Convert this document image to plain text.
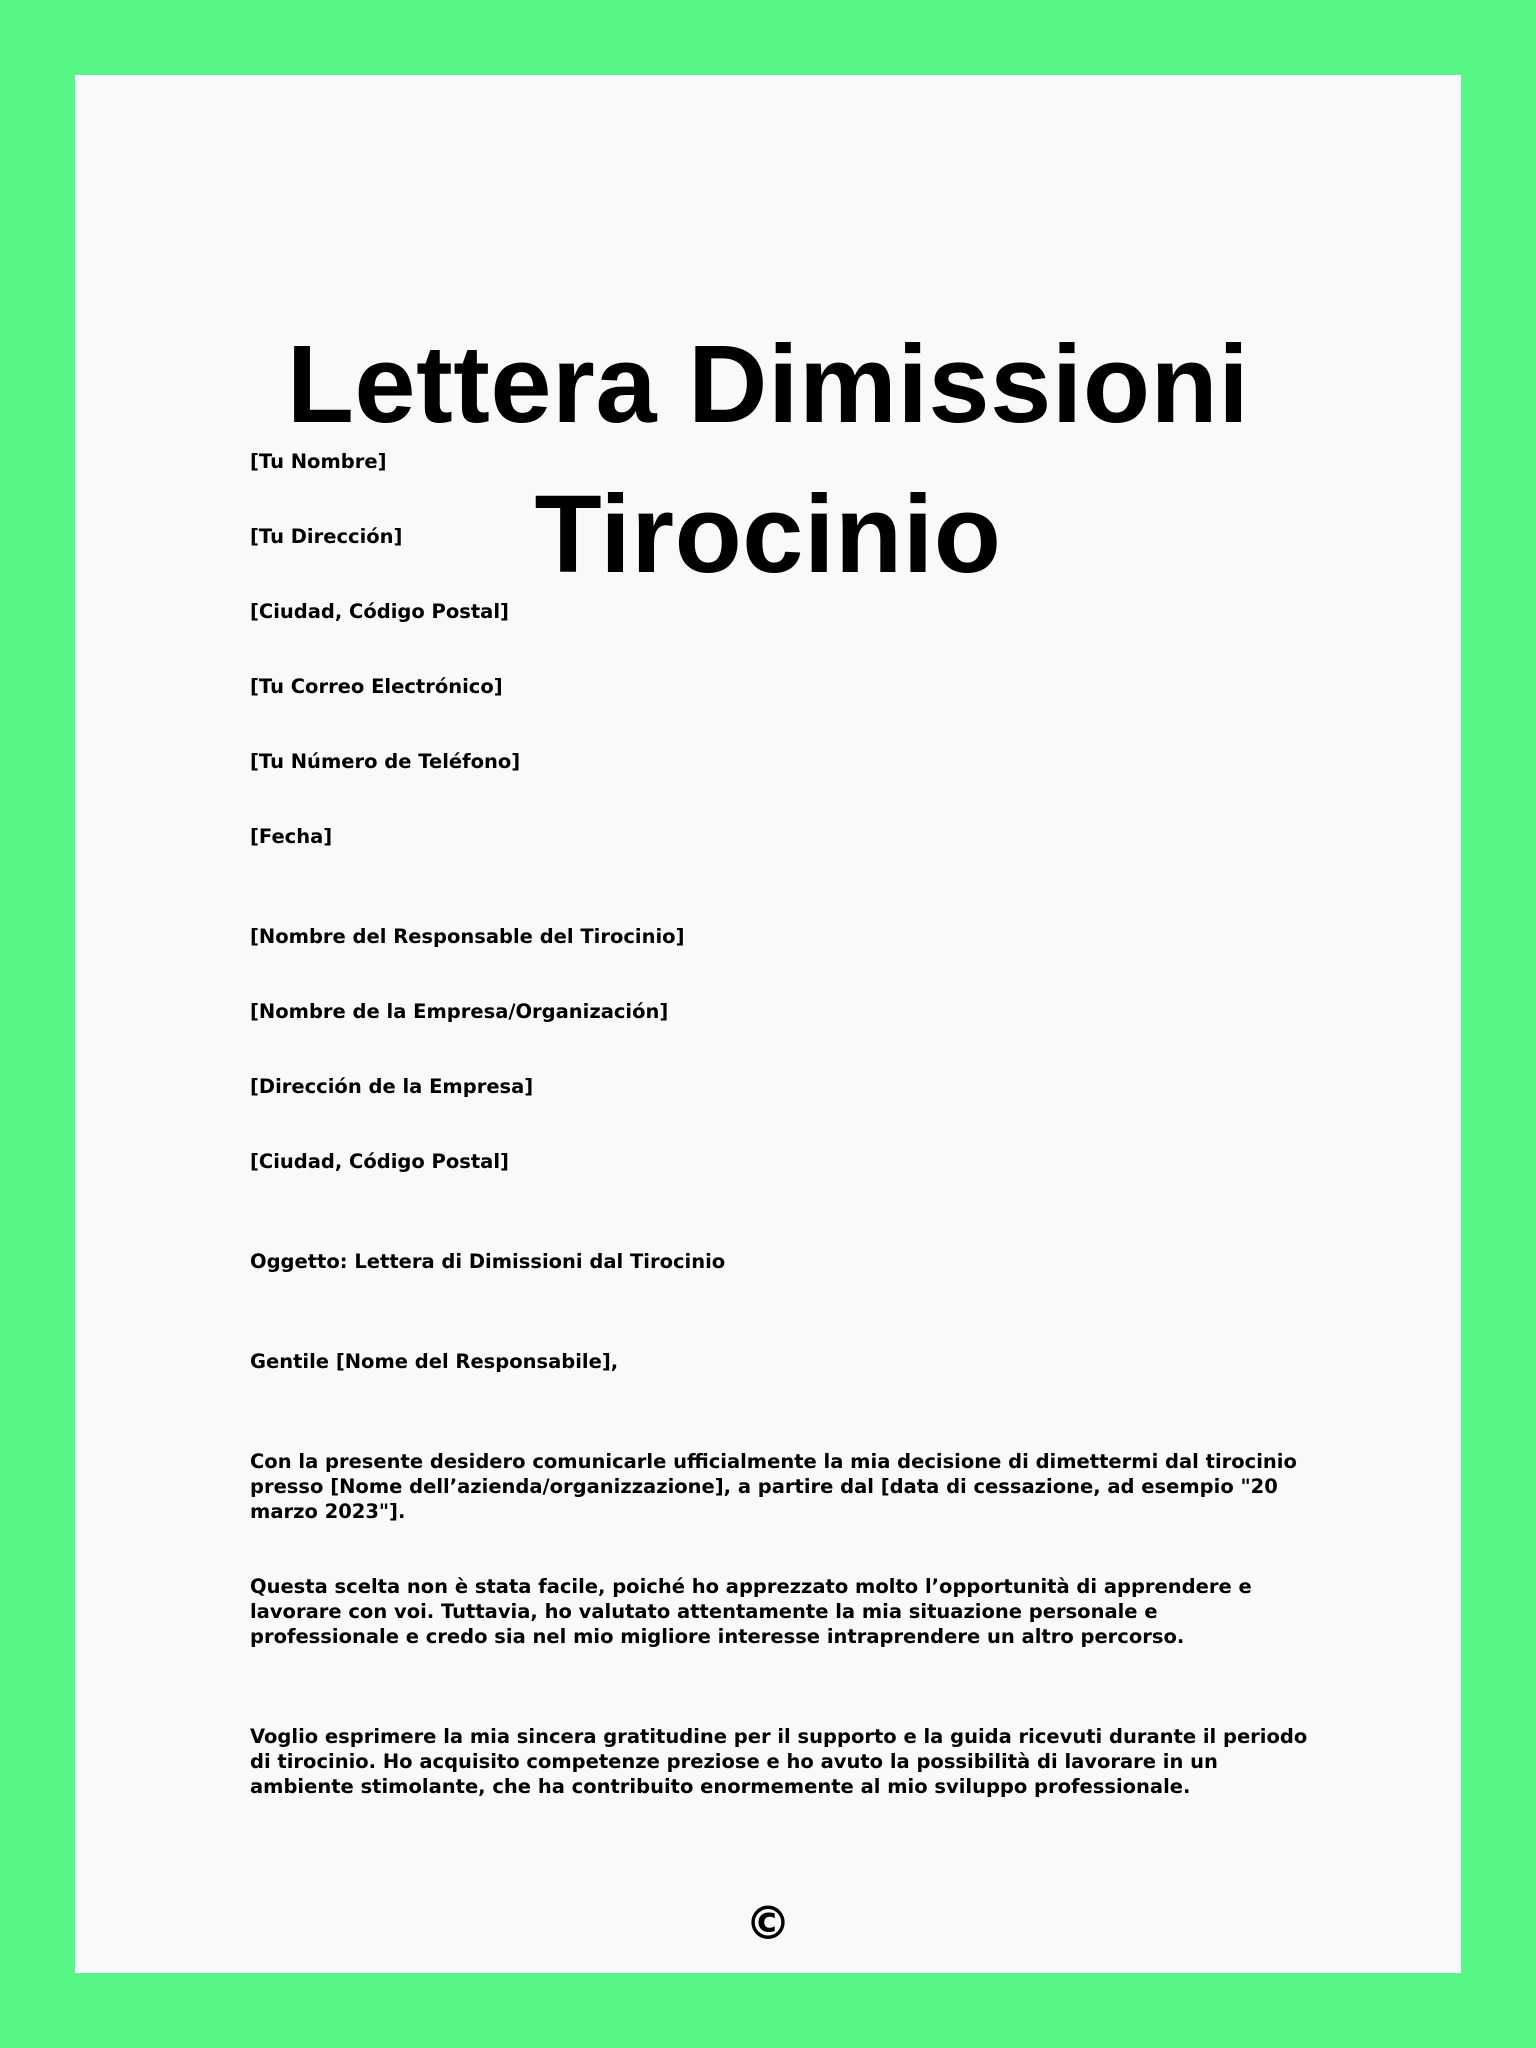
Lettera Dimissioni Tirocinio
[Tu Nombre]
[Tu Dirección]
[Ciudad, Código Postal]
[Tu Correo Electrónico]
[Tu Número de Teléfono]
[Fecha]
[Nombre del Responsable del Tirocinio]
[Nombre de la Empresa/Organización]
[Dirección de la Empresa]
[Ciudad, Código Postal]
Oggetto: Lettera di Dimissioni dal Tirocinio
Gentile [Nome del Responsabile],

Con la presente desidero comunicarle ufficialmente la mia decisione di dimettermi dal tirocinio presso [Nome dell’azienda/organizzazione], a partire dal [data di cessazione, ad esempio "20 marzo 2023"].

Questa scelta non è stata facile, poiché ho apprezzato molto l’opportunità di apprendere e lavorare con voi. Tuttavia, ho valutato attentamente la mia situazione personale e professionale e credo sia nel mio migliore interesse intraprendere un altro percorso.

Voglio esprimere la mia sincera gratitudine per il supporto e la guida ricevuti durante il periodo di tirocinio. Ho acquisito competenze preziose e ho avuto la possibilità di lavorare in un ambiente stimolante, che ha contribuito enormemente al mio sviluppo professionale.

©
